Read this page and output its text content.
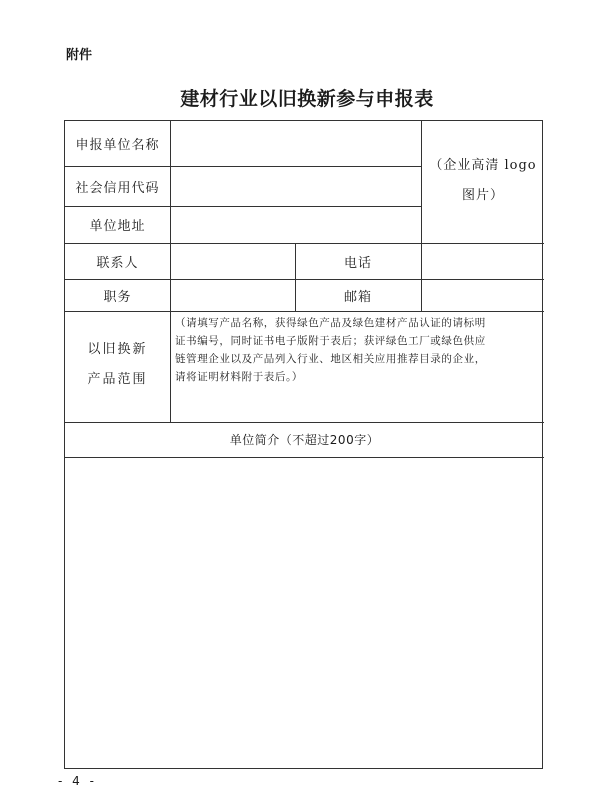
附件
建材行业以旧换新参与申报表
申报单位名称
社会信用代码
单位地址
联系人	电话
职务	邮箱
（企业高清 logo
图片）
以旧换新
产品范围
（请填写产品名称，获得绿色产品及绿色建材产品认证的请标明
证书编号，同时证书电子版附于表后；获评绿色工厂或绿色供应
链管理企业以及产品列入行业、地区相关应用推荐目录的企业，
请将证明材料附于表后。）
单位简介（不超过200字）
- 4 -
